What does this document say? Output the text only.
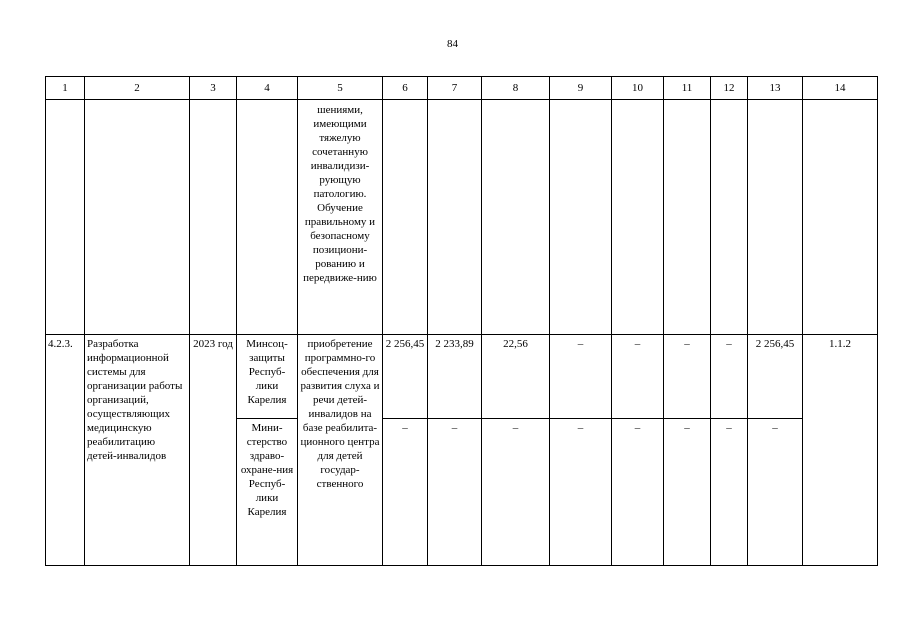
84
1	2	3	4	5	6	7	8	9	10	11	12	13	14
				шениями, имеющими тяжелую сочетанную инвалидизи-рующую патологию. Обучение правильному и безопасному позициони-рованию и передвиже-нию									
4.2.3.	Разработка информационной системы для организации работы организаций, осуществляющих медицинскую реабилитацию детей-инвалидов	2023 год	Минсоц-защиты Респуб-лики Карелия	приобретение программно-го обеспечения для развития слуха и речи детей-инвалидов на базе реабилита-ционного центра для детей государ-ственного	2 256,45	2 233,89	22,56	–	–	–	–	2 256,45	1.1.2
			Мини-стерство здраво-охране-ния Респуб-лики Карелия		–	–	–	–	–	–	–	–	
